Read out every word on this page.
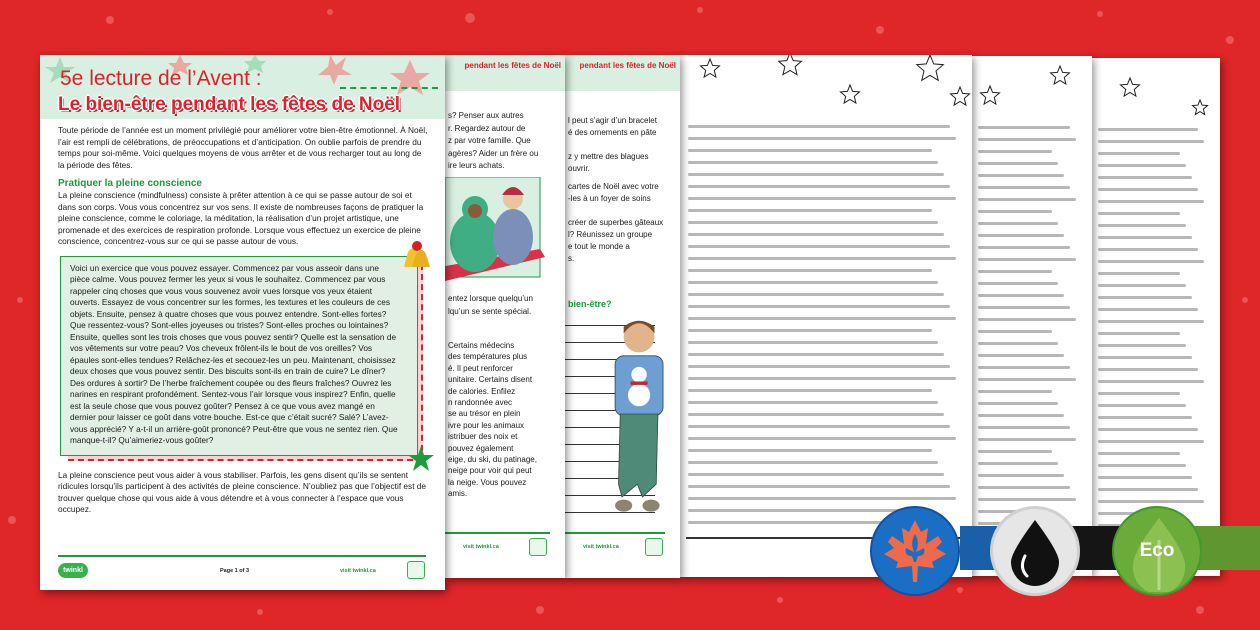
pendant les fêtes de Noël
l peut s’agir d’un bracelet
é des ornements en pâte
z y mettre des blagues
ouvrir.
cartes de Noël avec votre
-les à un foyer de soins
créer de superbes gâteaux
l? Réunissez un groupe
e tout le monde a
s.
bien-être?
visit twinkl.ca
pendant les fêtes de Noël
s? Penser aux autres
r. Regardez autour de
z par votre famille. Que
agères? Aider un frère ou
ire leurs achats.
entez lorsque quelqu’un
lqu’un se sente spécial.
Certains médecins
des températures plus
é. Il peut renforcer
unitaire. Certains disent
de calories. Enfilez
n randonnée avec
se au trésor en plein
ivre pour les animaux
istribuer des noix et
pouvez également
eige, du ski, du patinage,
neige pour voir qui peut
la neige. Vous pouvez
amis.
visit twinkl.ca
5e lecture de l’Avent :
Le bien-être pendant les fêtes de Noël
Toute période de l’année est un moment privilégié pour améliorer votre bien-être émotionnel. À Noël, l’air est rempli de célébrations, de préoccupations et d’anticipation. On oublie parfois de prendre du temps pour soi-même. Voici quelques moyens de vous arrêter et de vous recharger tout au long de la période des fêtes.
Pratiquer la pleine conscience
La pleine conscience (mindfulness) consiste à prêter attention à ce qui se passe autour de soi et dans son corps. Vous vous concentrez sur vos sens. Il existe de nombreuses façons de pratiquer la pleine conscience, comme le coloriage, la méditation, la réalisation d’un projet artistique, une promenade et des exercices de respiration profonde. Lorsque vous effectuez un exercice de pleine conscience, concentrez-vous sur ce qui se passe autour de vous.
Voici un exercice que vous pouvez essayer. Commencez par vous asseoir dans une pièce calme. Vous pouvez fermer les yeux si vous le souhaitez. Commencez par vous rappeler cinq choses que vous vous souvenez avoir vues lorsque vos yeux étaient ouverts. Essayez de vous concentrer sur les formes, les textures et les couleurs de ces objets. Ensuite, pensez à quatre choses que vous pouvez entendre. Sont-elles fortes? Que ressentez-vous? Sont-elles joyeuses ou tristes? Sont-elles proches ou lointaines? Ensuite, quelles sont les trois choses que vous pouvez sentir? Quelle est la sensation de vos vêtements sur votre peau? Vos cheveux frôlent-ils le bout de vos oreilles? Vos épaules sont-elles tendues? Relâchez-les et secouez-les un peu. Maintenant, choisissez deux choses que vous pouvez sentir. Des biscuits sont-ils en train de cuire? Le dîner? Des ordures à sortir? De l’herbe fraîchement coupée ou des fleurs fraîches? Ouvrez les narines en respirant profondément. Sentez-vous l’air lorsque vous inspirez? Enfin, quelle est la seule chose que vous pouvez goûter? Pensez à ce que vous avez mangé en dernier pour laisser ce goût dans votre bouche. Est-ce que c’était sucré? Salé? L’avez-vous apprécié? Y a-t-il un arrière-goût prononcé? Peut-être que vous ne sentez rien. Que manque-t-il? Qu’aimeriez-vous goûter?
La pleine conscience peut vous aider à vous stabiliser. Parfois, les gens disent qu’ils se sentent ridicules lorsqu’ils participent à des activités de pleine conscience. N’oubliez pas que l’objectif est de trouver quelque chose qui vous aide à vous détendre et à vous connecter à l’espace que vous occupez.
twinkl	Page 1 of 3	visit twinkl.ca
Eco
